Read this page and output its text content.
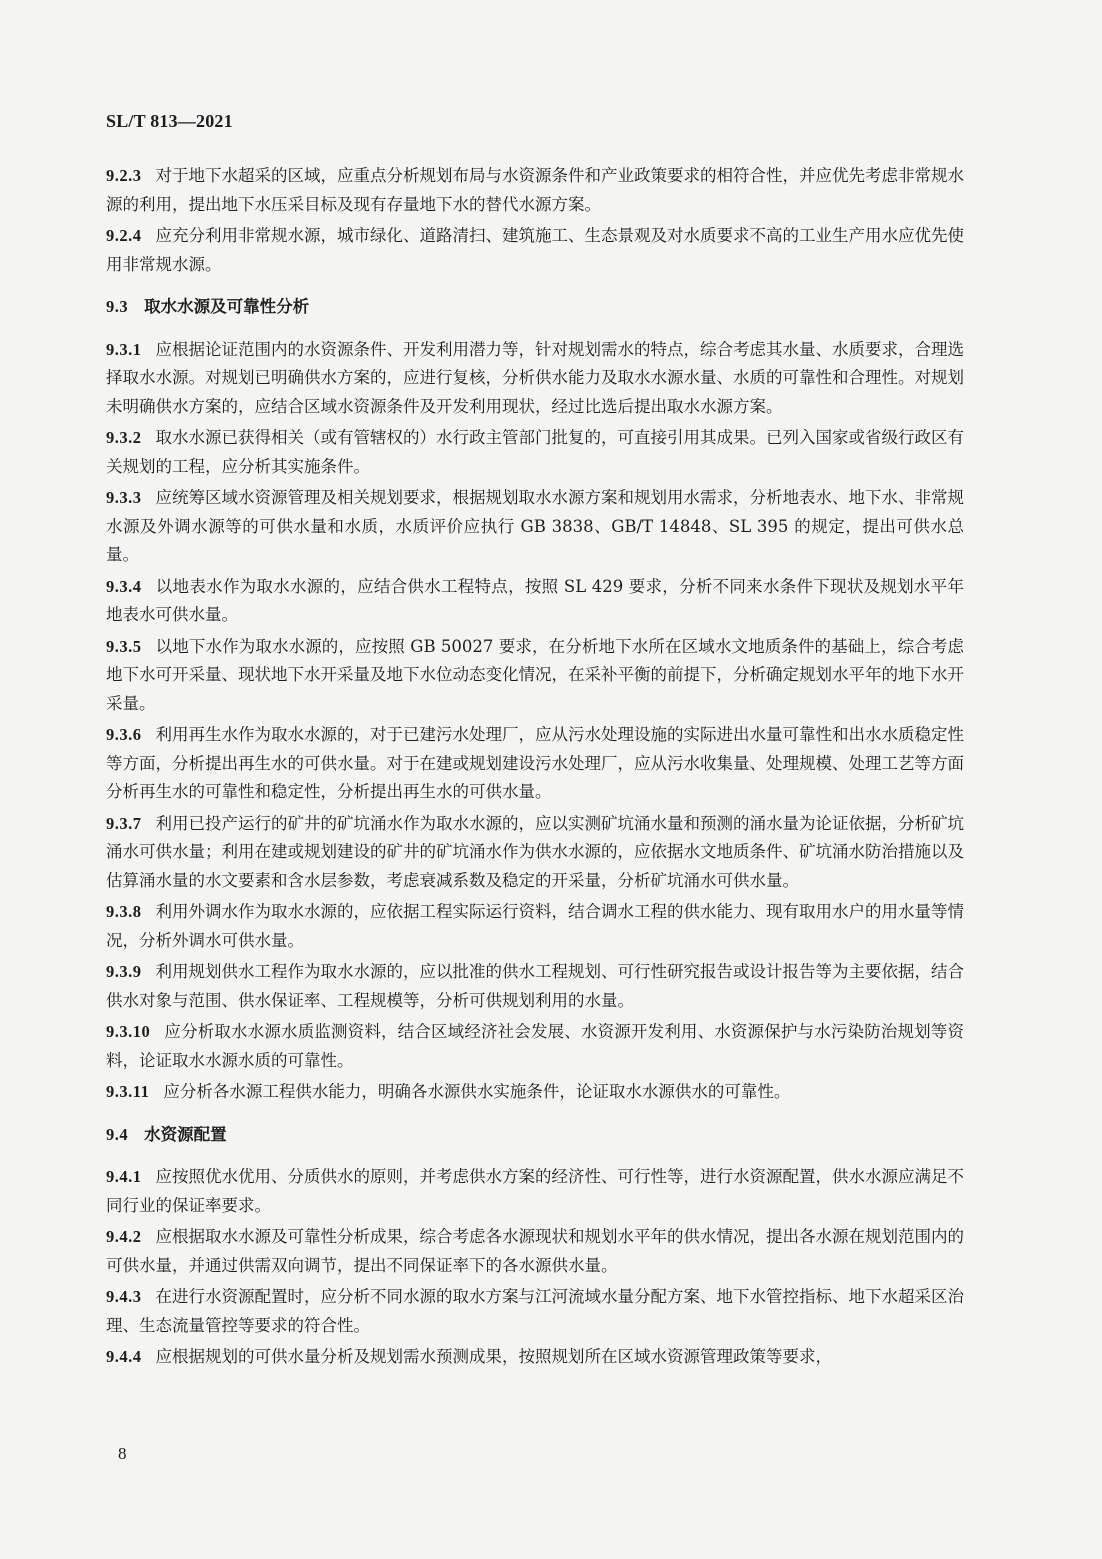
SL/T 813—2021

9.2.3 对于地下水超采的区域，应重点分析规划布局与水资源条件和产业政策要求的相符合性，并应优先考虑非常规水源的利用，提出地下水压采目标及现有存量地下水的替代水源方案。

9.2.4 应充分利用非常规水源，城市绿化、道路清扫、建筑施工、生态景观及对水质要求不高的工业生产用水应优先使用非常规水源。

9.3 取水水源及可靠性分析

9.3.1 应根据论证范围内的水资源条件、开发利用潜力等，针对规划需水的特点，综合考虑其水量、水质要求，合理选择取水水源。对规划已明确供水方案的，应进行复核，分析供水能力及取水水源水量、水质的可靠性和合理性。对规划未明确供水方案的，应结合区域水资源条件及开发利用现状，经过比选后提出取水水源方案。

9.3.2 取水水源已获得相关（或有管辖权的）水行政主管部门批复的，可直接引用其成果。已列入国家或省级行政区有关规划的工程，应分析其实施条件。

9.3.3 应统筹区域水资源管理及相关规划要求，根据规划取水水源方案和规划用水需求，分析地表水、地下水、非常规水源及外调水源等的可供水量和水质，水质评价应执行 GB 3838、GB/T 14848、SL 395 的规定，提出可供水总量。

9.3.4 以地表水作为取水水源的，应结合供水工程特点，按照 SL 429 要求，分析不同来水条件下现状及规划水平年地表水可供水量。

9.3.5 以地下水作为取水水源的，应按照 GB 50027 要求，在分析地下水所在区域水文地质条件的基础上，综合考虑地下水可开采量、现状地下水开采量及地下水位动态变化情况，在采补平衡的前提下，分析确定规划水平年的地下水开采量。

9.3.6 利用再生水作为取水水源的，对于已建污水处理厂，应从污水处理设施的实际进出水量可靠性和出水水质稳定性等方面，分析提出再生水的可供水量。对于在建或规划建设污水处理厂，应从污水收集量、处理规模、处理工艺等方面分析再生水的可靠性和稳定性，分析提出再生水的可供水量。

9.3.7 利用已投产运行的矿井的矿坑涌水作为取水水源的，应以实测矿坑涌水量和预测的涌水量为论证依据，分析矿坑涌水可供水量；利用在建或规划建设的矿井的矿坑涌水作为供水水源的，应依据水文地质条件、矿坑涌水防治措施以及估算涌水量的水文要素和含水层参数，考虑衰减系数及稳定的开采量，分析矿坑涌水可供水量。

9.3.8 利用外调水作为取水水源的，应依据工程实际运行资料，结合调水工程的供水能力、现有取用水户的用水量等情况，分析外调水可供水量。

9.3.9 利用规划供水工程作为取水水源的，应以批准的供水工程规划、可行性研究报告或设计报告等为主要依据，结合供水对象与范围、供水保证率、工程规模等，分析可供规划利用的水量。

9.3.10 应分析取水水源水质监测资料，结合区域经济社会发展、水资源开发利用、水资源保护与水污染防治规划等资料，论证取水水源水质的可靠性。

9.3.11 应分析各水源工程供水能力，明确各水源供水实施条件，论证取水水源供水的可靠性。

9.4 水资源配置

9.4.1 应按照优水优用、分质供水的原则，并考虑供水方案的经济性、可行性等，进行水资源配置，供水水源应满足不同行业的保证率要求。

9.4.2 应根据取水水源及可靠性分析成果，综合考虑各水源现状和规划水平年的供水情况，提出各水源在规划范围内的可供水量，并通过供需双向调节，提出不同保证率下的各水源供水量。

9.4.3 在进行水资源配置时，应分析不同水源的取水方案与江河流域水量分配方案、地下水管控指标、地下水超采区治理、生态流量管控等要求的符合性。

9.4.4 应根据规划的可供水量分析及规划需水预测成果，按照规划所在区域水资源管理政策等要求，

8
